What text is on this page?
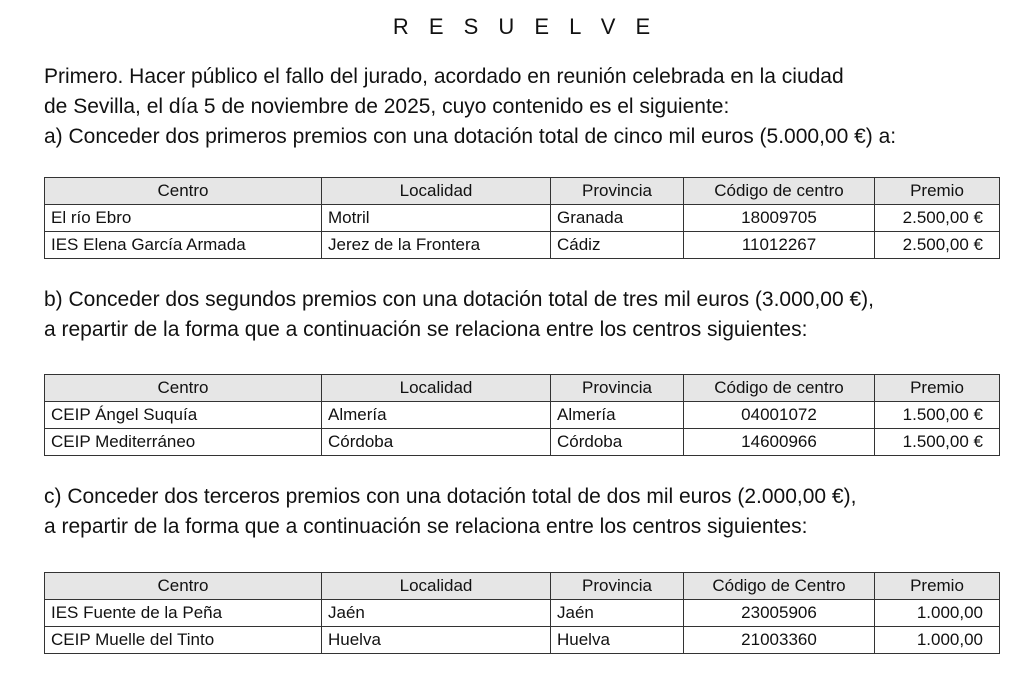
R E S U E L V E

Primero. Hacer público el fallo del jurado, acordado en reunión celebrada en la ciudad

de Sevilla, el día 5 de noviembre de 2025, cuyo contenido es el siguiente:

a) Conceder dos primeros premios con una dotación total de cinco mil euros (5.000,00 €) a:

Centro	Localidad	Provincia	Código de centro	Premio
El río Ebro	Motril	Granada	18009705	2.500,00 €
IES Elena García Armada	Jerez de la Frontera	Cádiz	11012267	2.500,00 €

b) Conceder dos segundos premios con una dotación total de tres mil euros (3.000,00 €),

a repartir de la forma que a continuación se relaciona entre los centros siguientes:

Centro	Localidad	Provincia	Código de centro	Premio
CEIP Ángel Suquía	Almería	Almería	04001072	1.500,00 €
CEIP Mediterráneo	Córdoba	Córdoba	14600966	1.500,00 €

c) Conceder dos terceros premios con una dotación total de dos mil euros (2.000,00 €),

a repartir de la forma que a continuación se relaciona entre los centros siguientes:

Centro	Localidad	Provincia	Código de Centro	Premio
IES Fuente de la Peña	Jaén	Jaén	23005906	1.000,00
CEIP Muelle del Tinto	Huelva	Huelva	21003360	1.000,00
